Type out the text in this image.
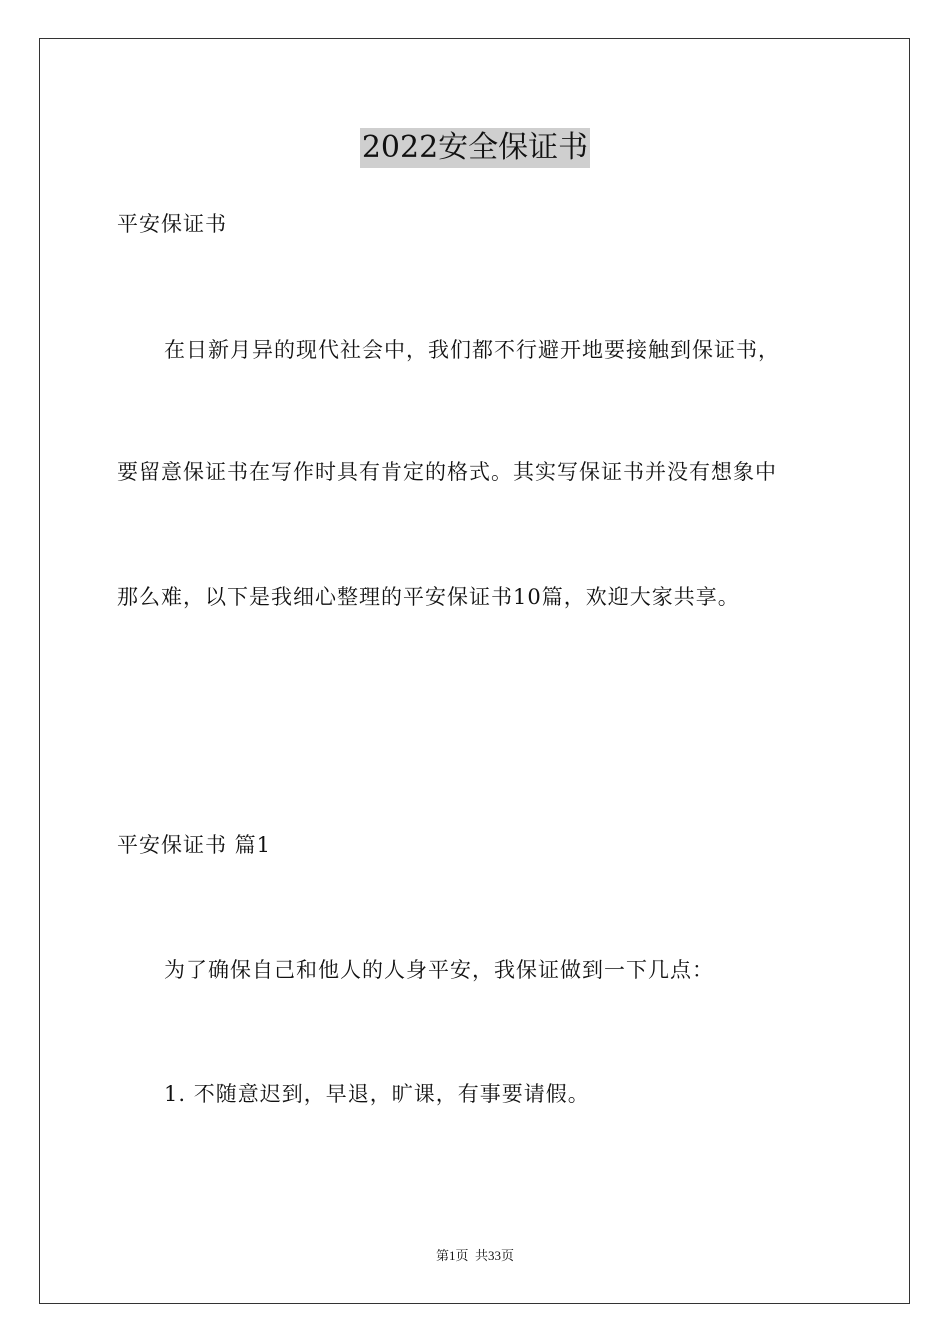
2022安全保证书
平安保证书
在日新月异的现代社会中，我们都不行避开地要接触到保证书，
要留意保证书在写作时具有肯定的格式。其实写保证书并没有想象中
那么难，以下是我细心整理的平安保证书10篇，欢迎大家共享。
平安保证书 篇1
为了确保自己和他人的人身平安，我保证做到一下几点：
1. 不随意迟到，早退，旷课，有事要请假。
第1页  共33页
